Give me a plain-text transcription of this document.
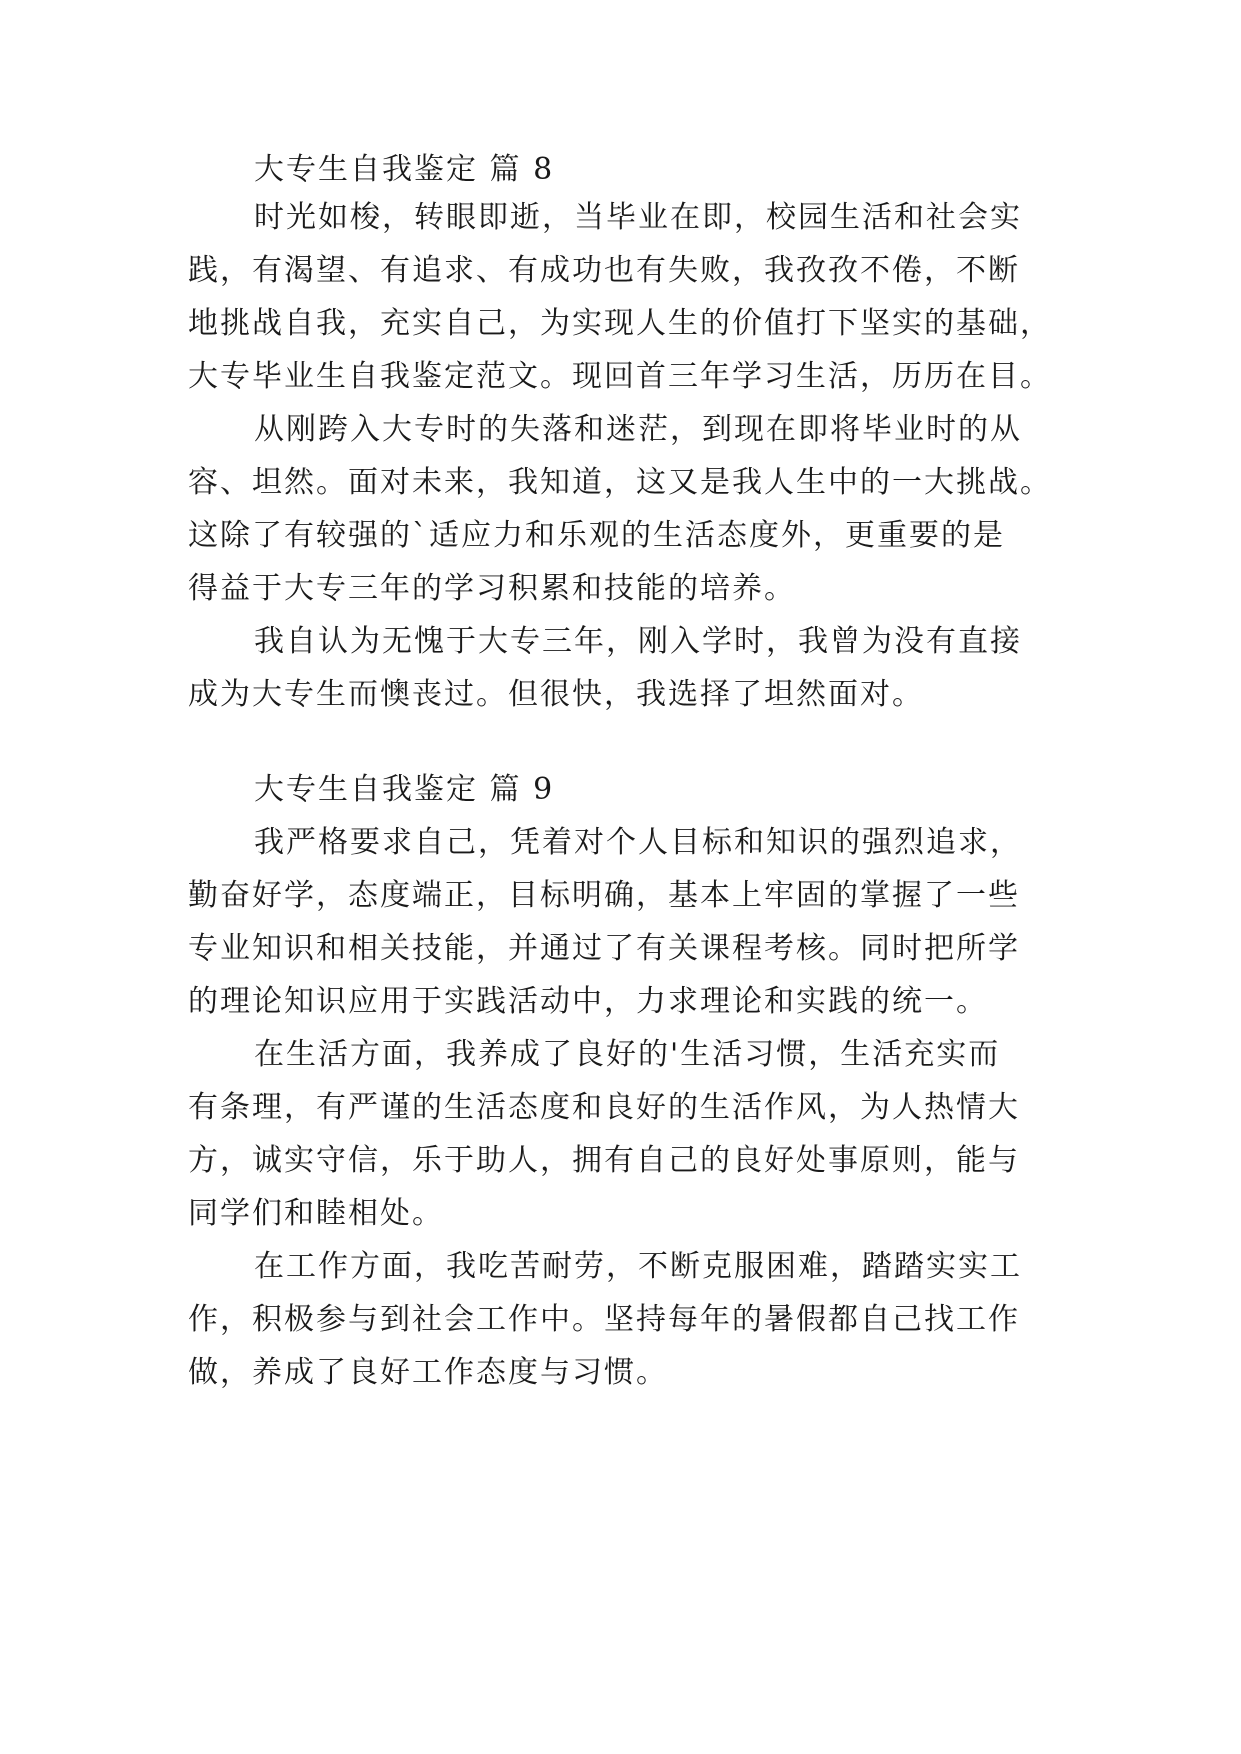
大专生自我鉴定 篇 8
时光如梭，转眼即逝，当毕业在即，校园生活和社会实
践，有渴望、有追求、有成功也有失败，我孜孜不倦，不断
地挑战自我，充实自己，为实现人生的价值打下坚实的基础，
大专毕业生自我鉴定范文。现回首三年学习生活，历历在目。
从刚跨入大专时的失落和迷茫，到现在即将毕业时的从
容、坦然。面对未来，我知道，这又是我人生中的一大挑战。
这除了有较强的`适应力和乐观的生活态度外，更重要的是
得益于大专三年的学习积累和技能的培养。
我自认为无愧于大专三年，刚入学时，我曾为没有直接
成为大专生而懊丧过。但很快，我选择了坦然面对。
大专生自我鉴定 篇 9
我严格要求自己，凭着对个人目标和知识的强烈追求，
勤奋好学，态度端正，目标明确，基本上牢固的掌握了一些
专业知识和相关技能，并通过了有关课程考核。同时把所学
的理论知识应用于实践活动中，力求理论和实践的统一。
在生活方面，我养成了良好的'生活习惯，生活充实而
有条理，有严谨的生活态度和良好的生活作风，为人热情大
方，诚实守信，乐于助人，拥有自己的良好处事原则，能与
同学们和睦相处。
在工作方面，我吃苦耐劳，不断克服困难，踏踏实实工
作，积极参与到社会工作中。坚持每年的暑假都自己找工作
做，养成了良好工作态度与习惯。
